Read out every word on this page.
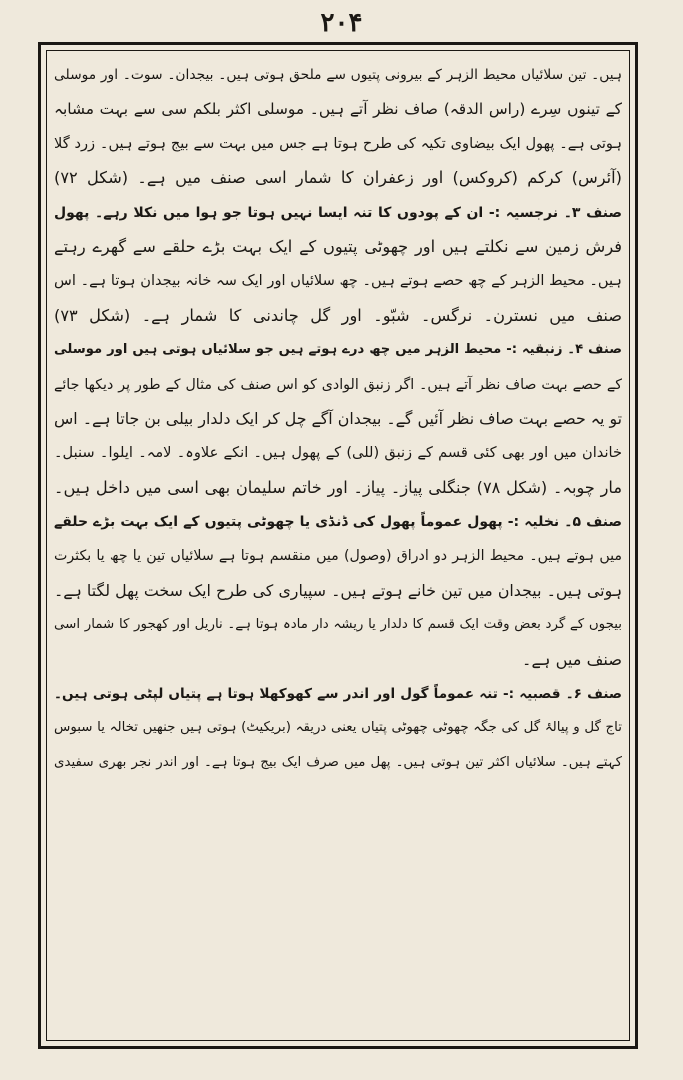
۲۰۴
ہیں۔ تین سلائیاں محیط الزہر کے بیرونی پتیوں سے ملحق ہوتی ہیں۔ بیجدان۔ سوت۔ اور موسلی
کے تینوں سِرے (راس الدقہ) صاف نظر آتے ہیں۔ موسلی اکثر بلکم سی سے بہت مشابہ
ہوتی ہے۔ پھول ایک بیضاوی تکیہ کی طرح ہوتا ہے جس میں بہت سے بیج ہوتے ہیں۔ زرد گلا
(آئرس) کرکم (کروکس) اور زعفران کا شمار اسی صنف میں ہے۔ (شکل ۷۲)
صنف ۳۔ نرجسیہ :- ان کے پودوں کا تنہ ایسا نہیں ہوتا جو ہوا میں نکلا رہے۔ پھول
فرش زمین سے نکلتے ہیں اور چھوٹی پتیوں کے ایک بہت بڑے حلقے سے گھرے رہتے
ہیں۔ محیط الزہر کے چھ حصے ہوتے ہیں۔ چھ سلائیاں اور ایک سہ خانہ بیجدان ہوتا ہے۔ اس
صنف میں نسترن۔ نرگس۔ شبّو۔ اور گل چاندنی کا شمار ہے۔ (شکل ۷۳)
صنف ۴۔ زنبقیہ :- محیط الزہر میں چھ درے ہوتے ہیں جو سلائیاں ہوتی ہیں اور موسلی
کے حصے بہت صاف نظر آتے ہیں۔ اگر زنبق الوادی کو اس صنف کی مثال کے طور پر دیکھا جائے
تو یہ حصے بہت صاف نظر آئیں گے۔ بیجدان آگے چل کر ایک دلدار بیلی بن جاتا ہے۔ اس
خاندان میں اور بھی کئی قسم کے زنبق (للی) کے پھول ہیں۔ انکے علاوہ۔ لامہ۔ ایلوا۔ سنبل۔
مار چوبہ۔ (شکل ۷۸) جنگلی پیاز۔ پیاز۔ اور خاتم سلیمان بھی اسی میں داخل ہیں۔
صنف ۵۔ نخلیہ :- پھول عموماً پھول کی ڈنڈی یا چھوٹی پتیوں کے ایک بہت بڑے حلقے
میں ہوتے ہیں۔ محیط الزہر دو ادراق (وصول) میں منقسم ہوتا ہے سلائیاں تین یا چھ یا بکثرت
ہوتی ہیں۔ بیجدان میں تین خانے ہوتے ہیں۔ سپیاری کی طرح ایک سخت پھل لگتا ہے۔
بیجوں کے گرد بعض وقت ایک قسم کا دلدار یا ریشہ دار مادہ ہوتا ہے۔ ناریل اور کھجور کا شمار اسی
صنف میں ہے۔
صنف ۶۔ قصبیہ :- تنہ عموماً گول اور اندر سے کھوکھلا ہوتا ہے پتیاں لپٹی ہوتی ہیں۔
تاج گل و پیالۂ گل کی جگہ چھوٹی چھوٹی پتیاں یعنی دریقہ (بریکیٹ) ہوتی ہیں جنھیں تخالہ یا سبوس
کہتے ہیں۔ سلائیاں اکثر تین ہوتی ہیں۔ پھل میں صرف ایک بیج ہوتا ہے۔ اور اندر نجر بھری سفیدی
